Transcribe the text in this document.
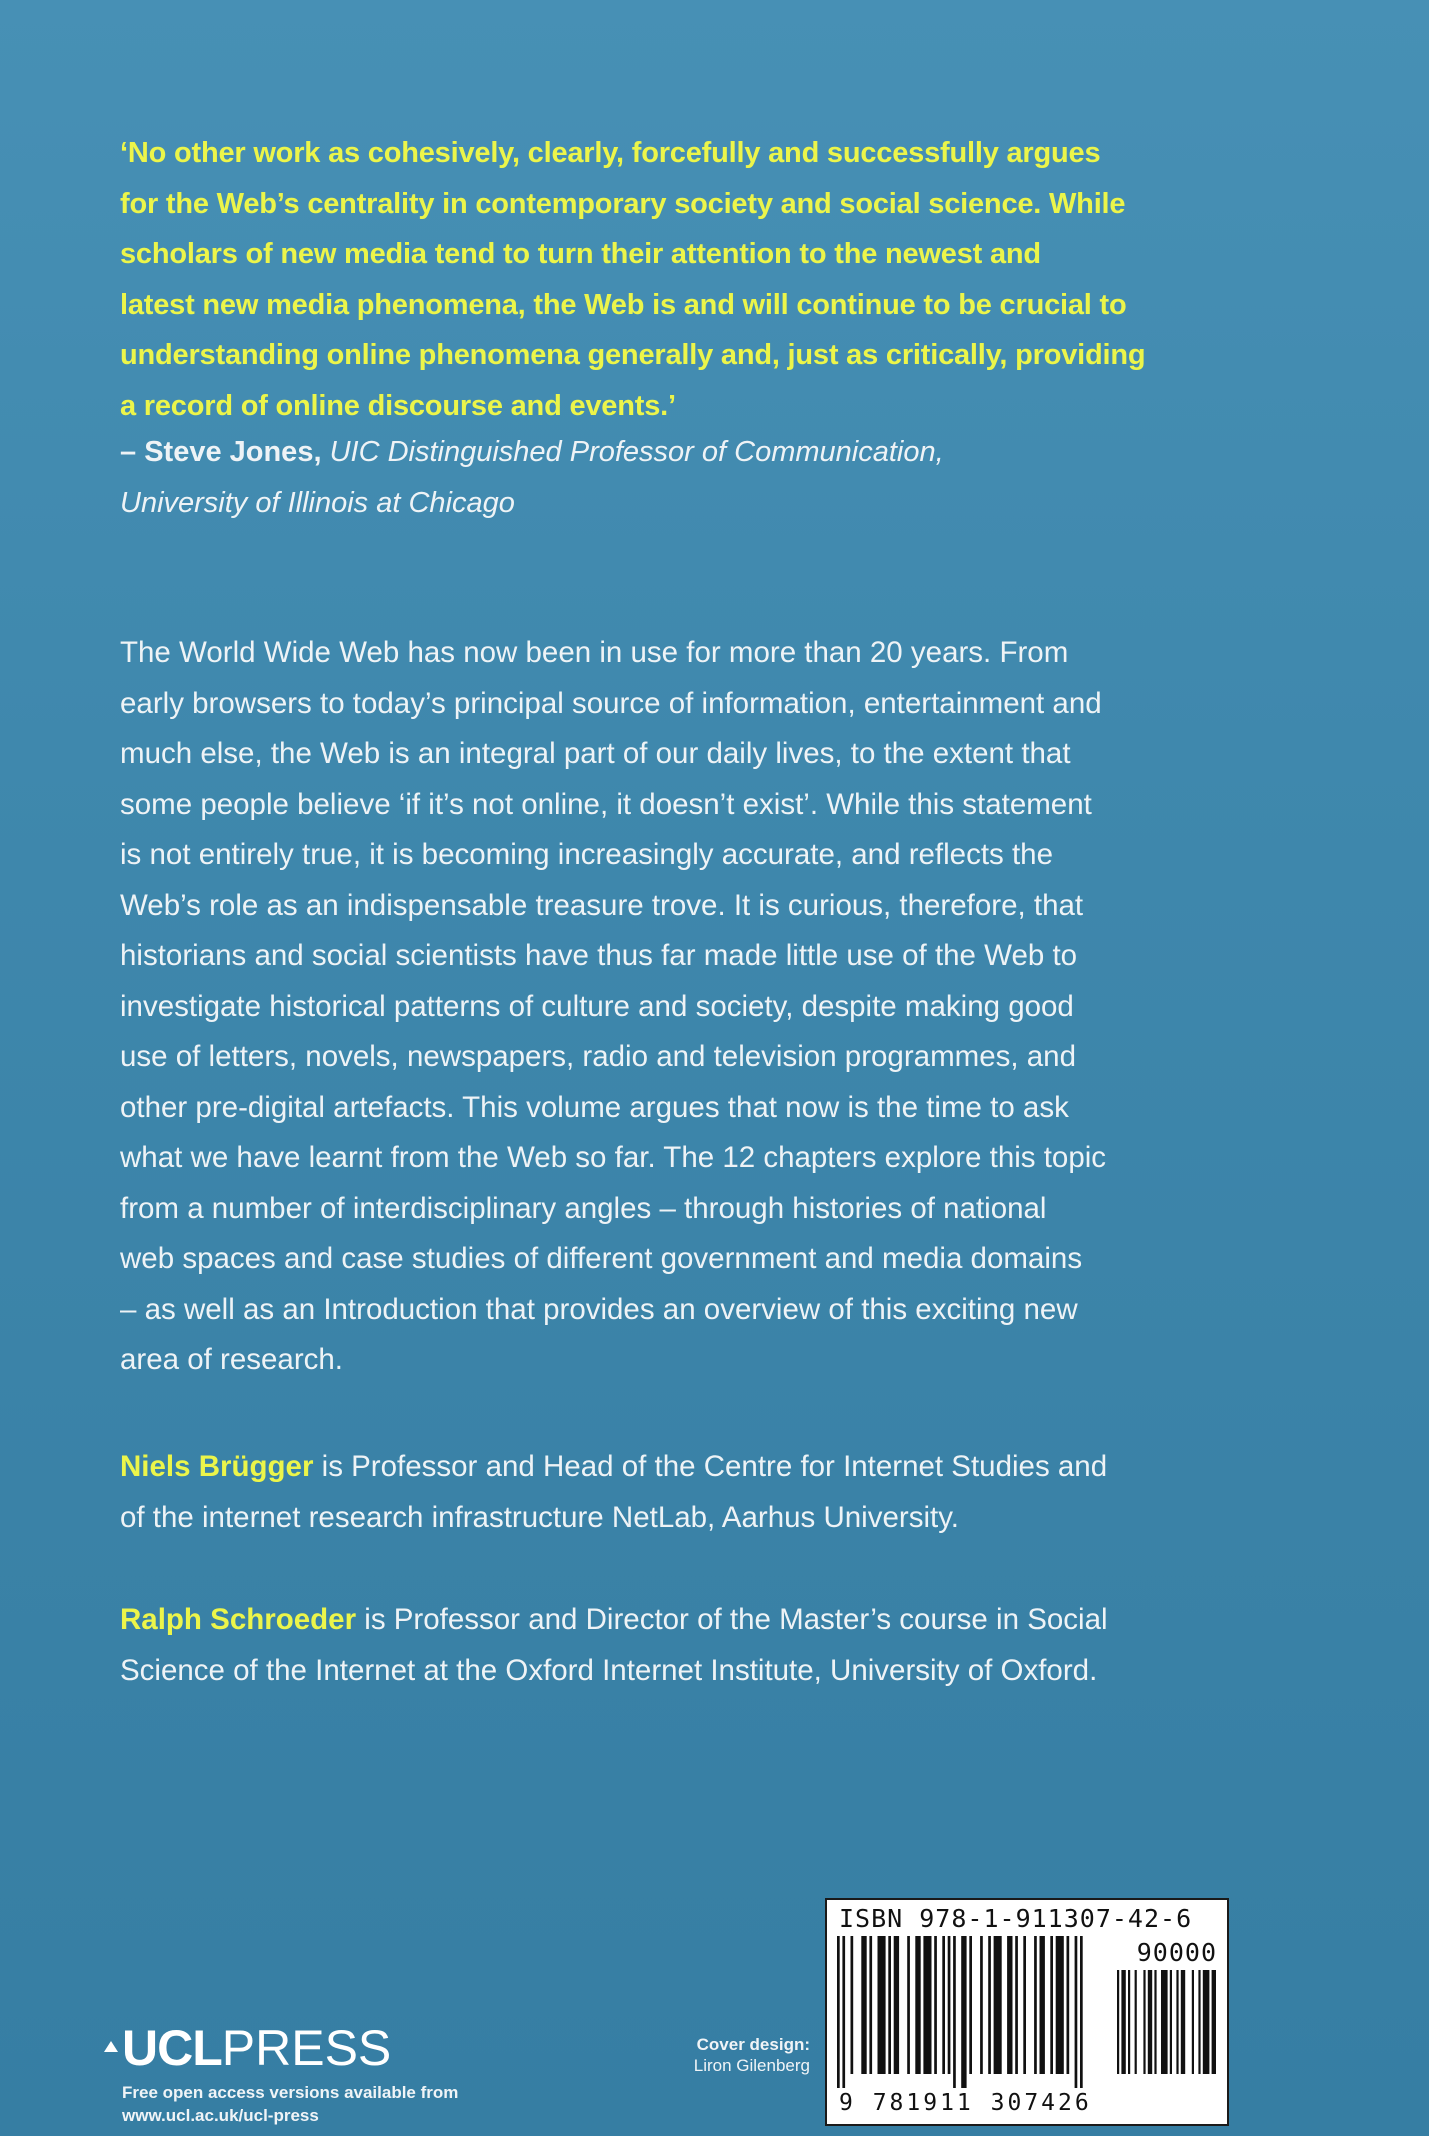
‘No other work as cohesively, clearly, forcefully and successfully argues
for the Web’s centrality in contemporary society and social science. While
scholars of new media tend to turn their attention to the newest and
latest new media phenomena, the Web is and will continue to be crucial to
understanding online phenomena generally and, just as critically, providing
a record of online discourse and events.’
– Steve Jones, UIC Distinguished Professor of Communication,
University of Illinois at Chicago
The World Wide Web has now been in use for more than 20 years. From
early browsers to today’s principal source of information, entertainment and
much else, the Web is an integral part of our daily lives, to the extent that
some people believe ‘if it’s not online, it doesn’t exist’. While this statement
is not entirely true, it is becoming increasingly accurate, and reflects the
Web’s role as an indispensable treasure trove. It is curious, therefore, that
historians and social scientists have thus far made little use of the Web to
investigate historical patterns of culture and society, despite making good
use of letters, novels, newspapers, radio and television programmes, and
other pre-digital artefacts. This volume argues that now is the time to ask
what we have learnt from the Web so far. The 12 chapters explore this topic
from a number of interdisciplinary angles – through histories of national
web spaces and case studies of different government and media domains
– as well as an Introduction that provides an overview of this exciting new
area of research.
Niels Brügger is Professor and Head of the Centre for Internet Studies and
of the internet research infrastructure NetLab, Aarhus University.
Ralph Schroeder is Professor and Director of the Master’s course in Social
Science of the Internet at the Oxford Internet Institute, University of Oxford.
UCL PRESS
Free open access versions available from
www.ucl.ac.uk/ucl-press
Cover design:
Liron Gilenberg
ISBN 978-1-911307-42-6
90000
9 781911 307426
